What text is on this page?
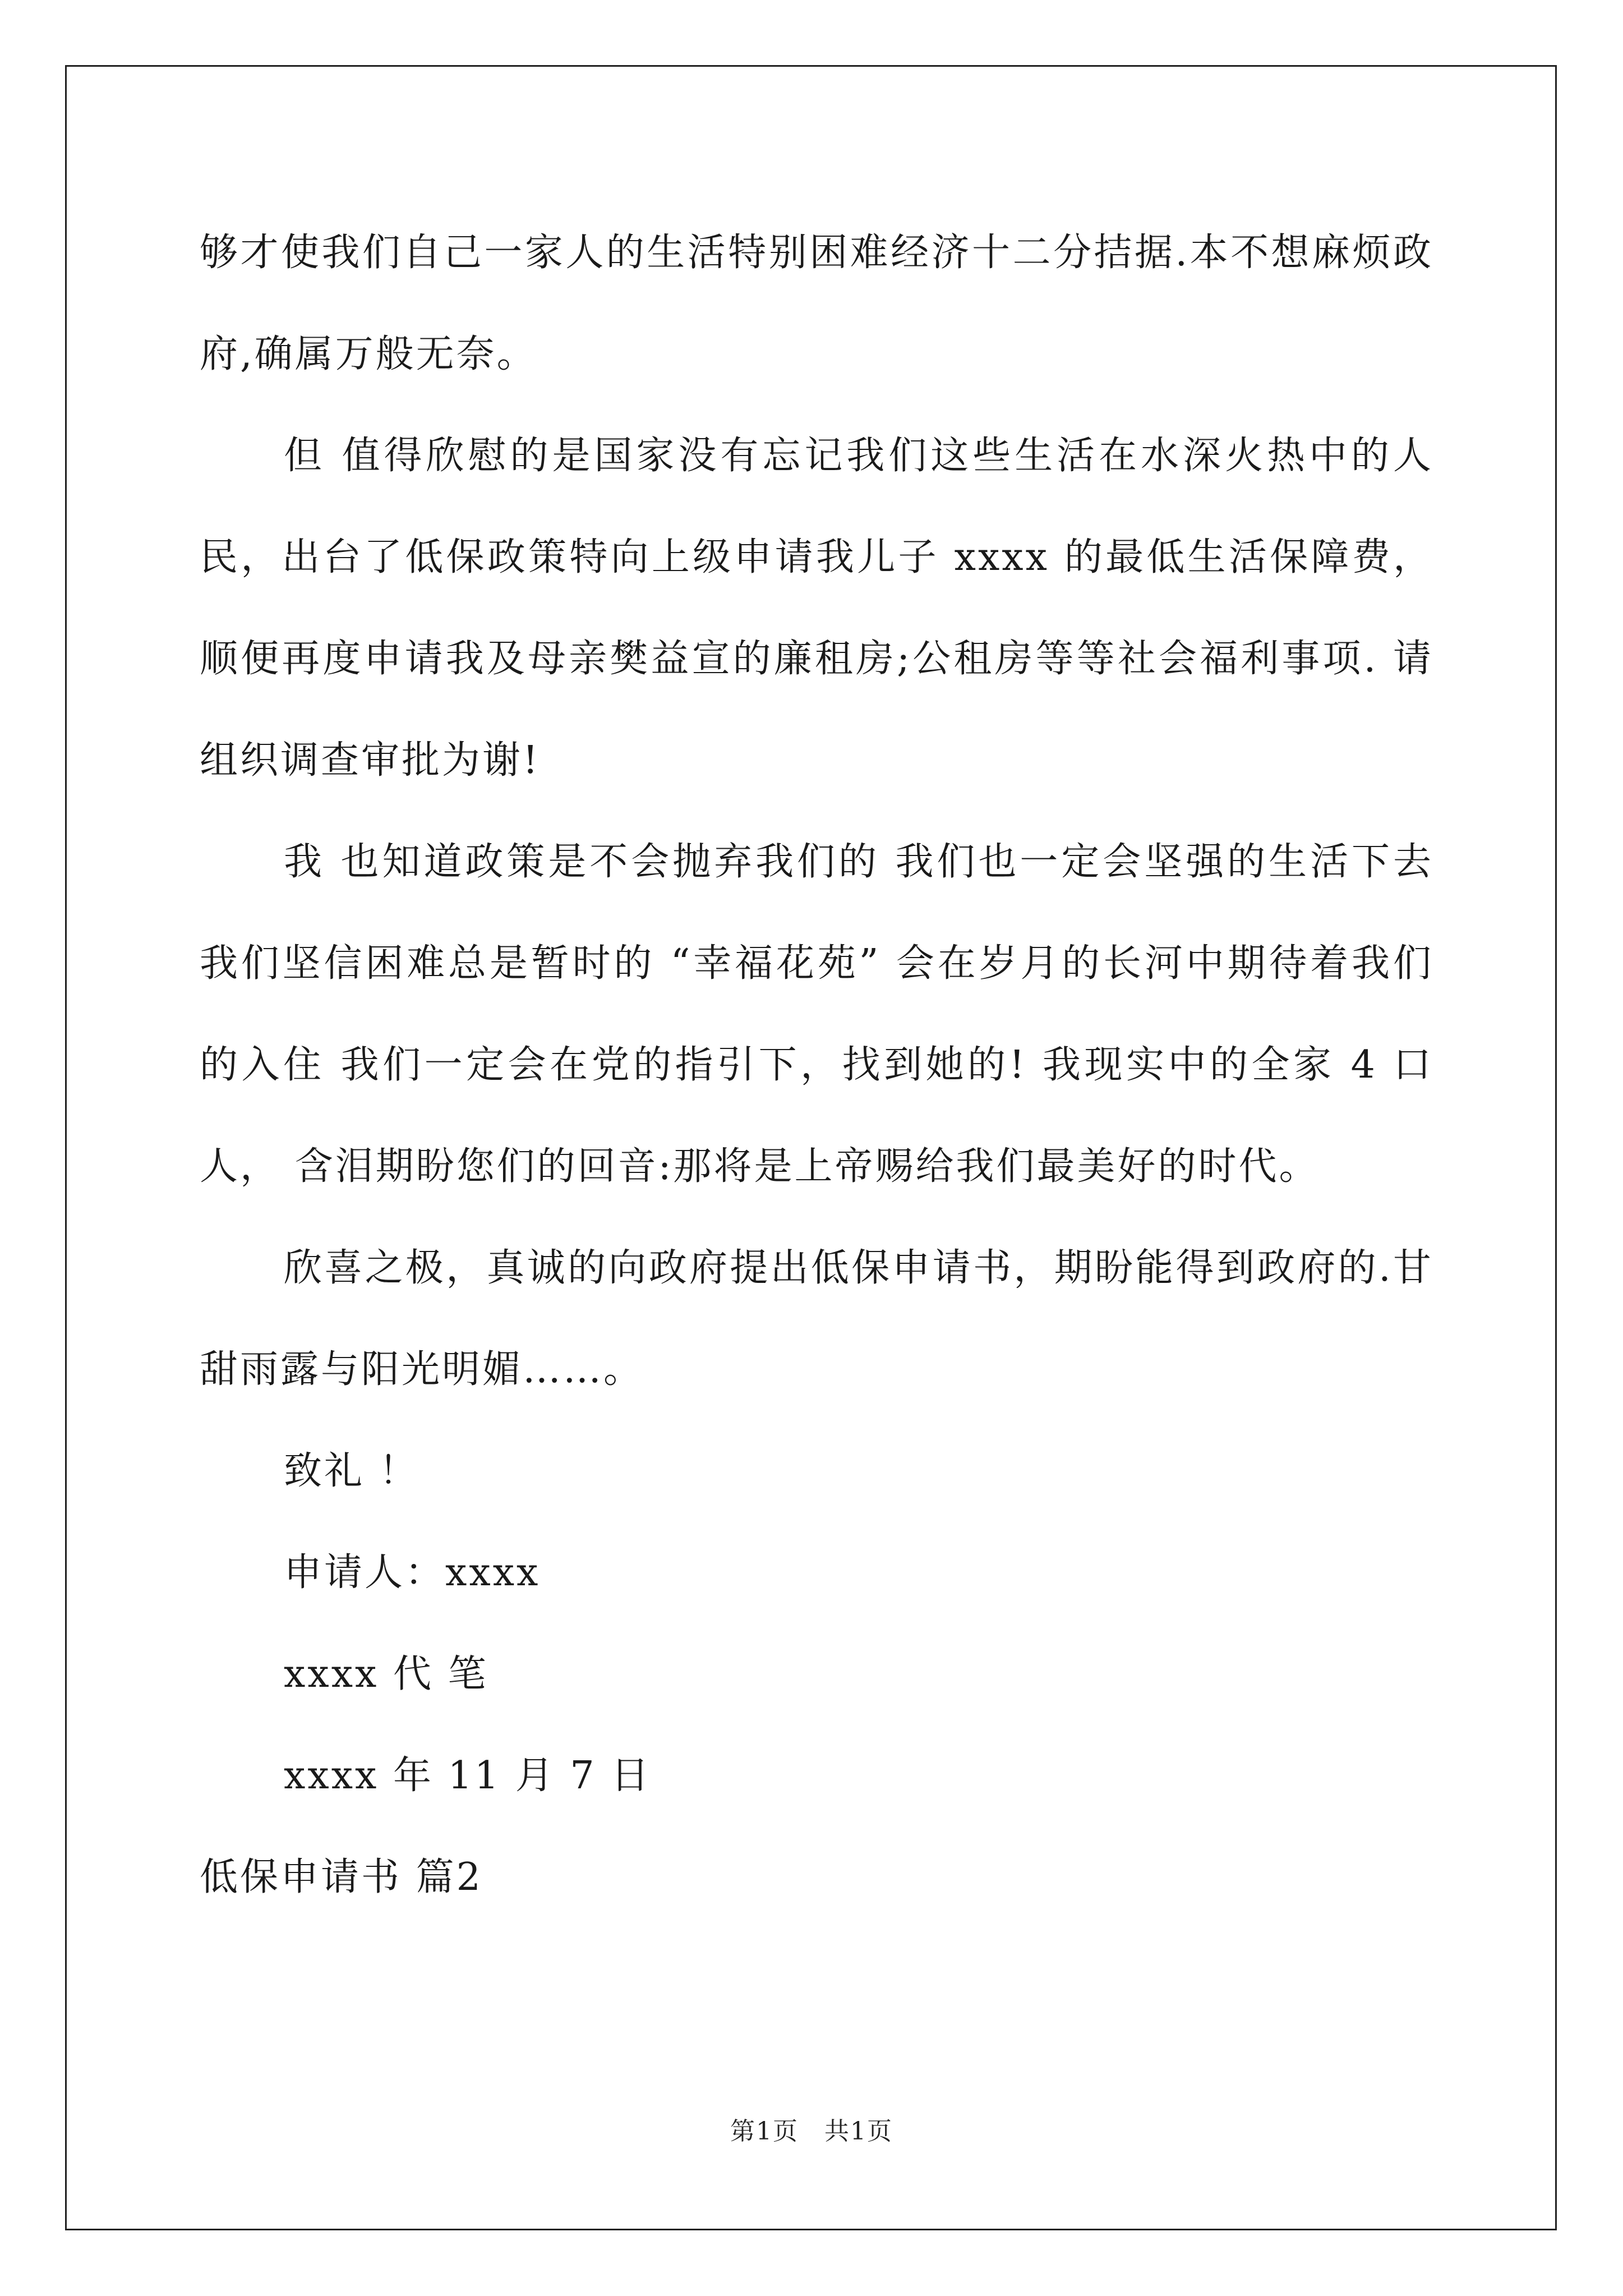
够才使我们自己一家人的生活特别困难经济十二分拮据.本不想麻烦政府,确属万般无奈。

但 值得欣慰的是国家没有忘记我们这些生活在水深火热中的人民，出台了低保政策特向上级申请我儿子 xxxx 的最低生活保障费，顺便再度申请我及母亲樊益宣的廉租房;公租房等等社会福利事项. 请组织调查审批为谢!

我 也知道政策是不会抛弃我们的 我们也一定会坚强的生活下去 我们坚信困难总是暂时的 “幸福花苑” 会在岁月的长河中期待着我们的入住 我们一定会在党的指引下，找到她的! 我现实中的全家 4 口人， 含泪期盼您们的回音:那将是上帝赐给我们最美好的时代。

欣喜之极，真诚的向政府提出低保申请书，期盼能得到政府的.甘甜雨露与阳光明媚……。

致礼 ！

申请人：xxxx

xxxx 代 笔

xxxx 年 11 月 7 日

低保申请书 篇2

第1页　共1页
